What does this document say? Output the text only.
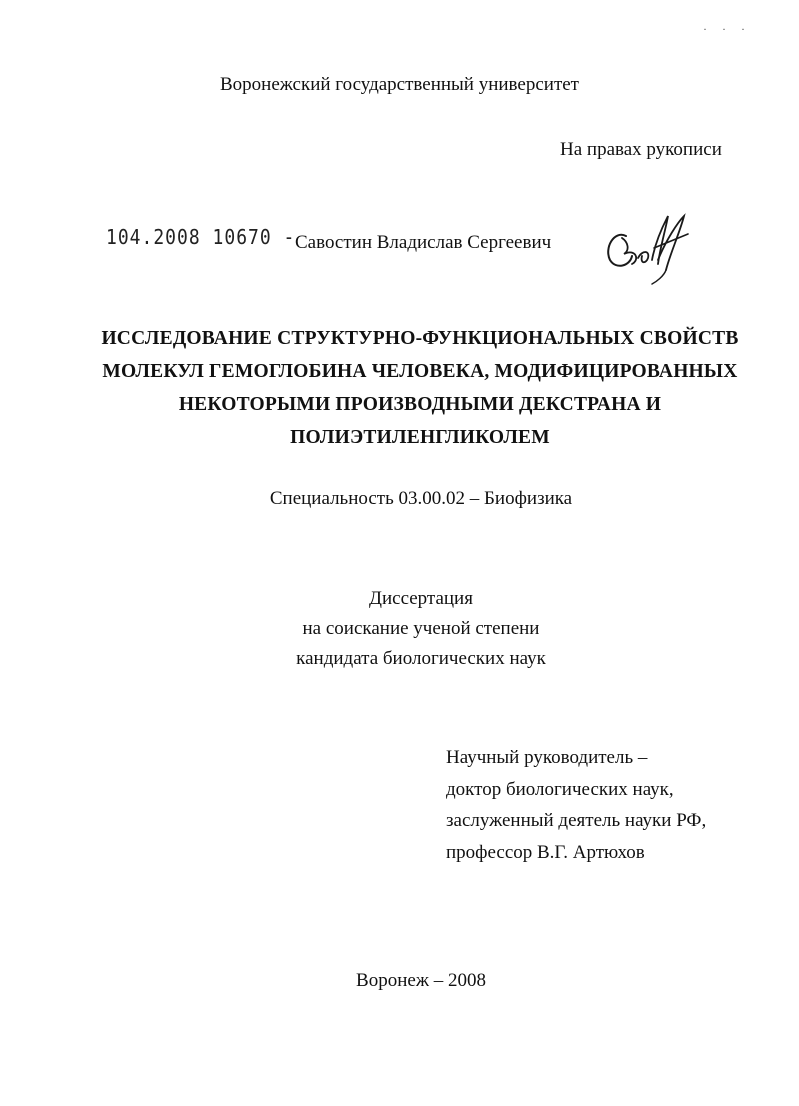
· · ·
Воронежский государственный университет
На правах рукописи
104.2008 10670 - Савостин Владислав Сергеевич
ИССЛЕДОВАНИЕ СТРУКТУРНО-ФУНКЦИОНАЛЬНЫХ СВОЙСТВ
МОЛЕКУЛ ГЕМОГЛОБИНА ЧЕЛОВЕКА, МОДИФИЦИРОВАННЫХ
НЕКОТОРЫМИ ПРОИЗВОДНЫМИ ДЕКСТРАНА И
ПОЛИЭТИЛЕНГЛИКОЛЕМ
Специальность 03.00.02 – Биофизика
Диссертация
на соискание ученой степени
кандидата биологических наук
Научный руководитель –
доктор биологических наук,
заслуженный деятель науки РФ,
профессор В.Г. Артюхов
Воронеж – 2008
